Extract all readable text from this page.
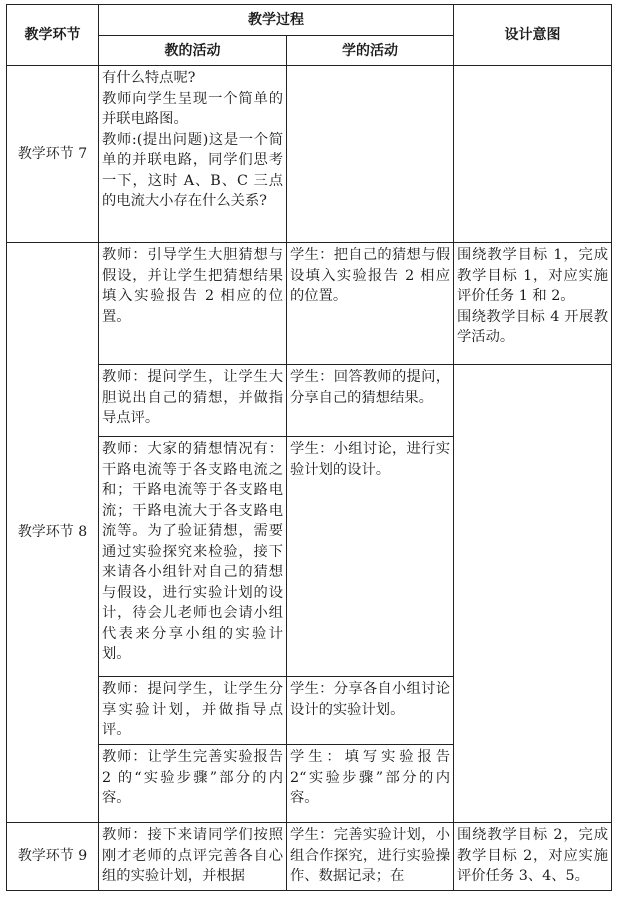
教学环节	教学过程		设计意图
	教的活动	学的活动	
教学环节 7	有什么特点呢?
教师向学生呈现一个简单的并联电路图。
教师:(提出问题)这是一个简单的并联电路，同学们思考一下，这时 A、B、C 三点的电流大小存在什么关系?		

教学环节 8	教师：引导学生大胆猜想与假设，并让学生把猜想结果填入实验报告 2 相应的位置。	学生：把自己的猜想与假设填入实验报告 2 相应的位置。	围绕教学目标 1，完成教学目标 1，对应实施评价任务 1 和 2。
围绕教学目标 4 开展教学活动。

	教师：提问学生，让学生大胆说出自己的猜想，并做指导点评。	学生：回答教师的提问，分享自己的猜想结果。	
	教师：大家的猜想情况有：干路电流等于各支路电流之和；干路电流等于各支路电流；干路电流大于各支路电流等。为了验证猜想，需要通过实验探究来检验，接下来请各小组针对自己的猜想与假设，进行实验计划的设计，待会儿老师也会请小组代表来分享小组的实验计划。	学生：小组讨论，进行实验计划的设计。	
	教师：提问学生，让学生分享实验计划，并做指导点评。	学生：分享各自小组讨论设计的实验计划。	
	教师：让学生完善实验报告 2 的“实验步骤”部分的内容。	学生：填写实验报告 2“实验步骤”部分的内容。	
教学环节 9	教师：接下来请同学们按照刚才老师的点评完善各自心组的实验计划，并根据	学生：完善实验计划，小组合作探究，进行实验操作、数据记录；在	围绕教学目标 2，完成教学目标 2，对应实施评价任务 3、4、5。
